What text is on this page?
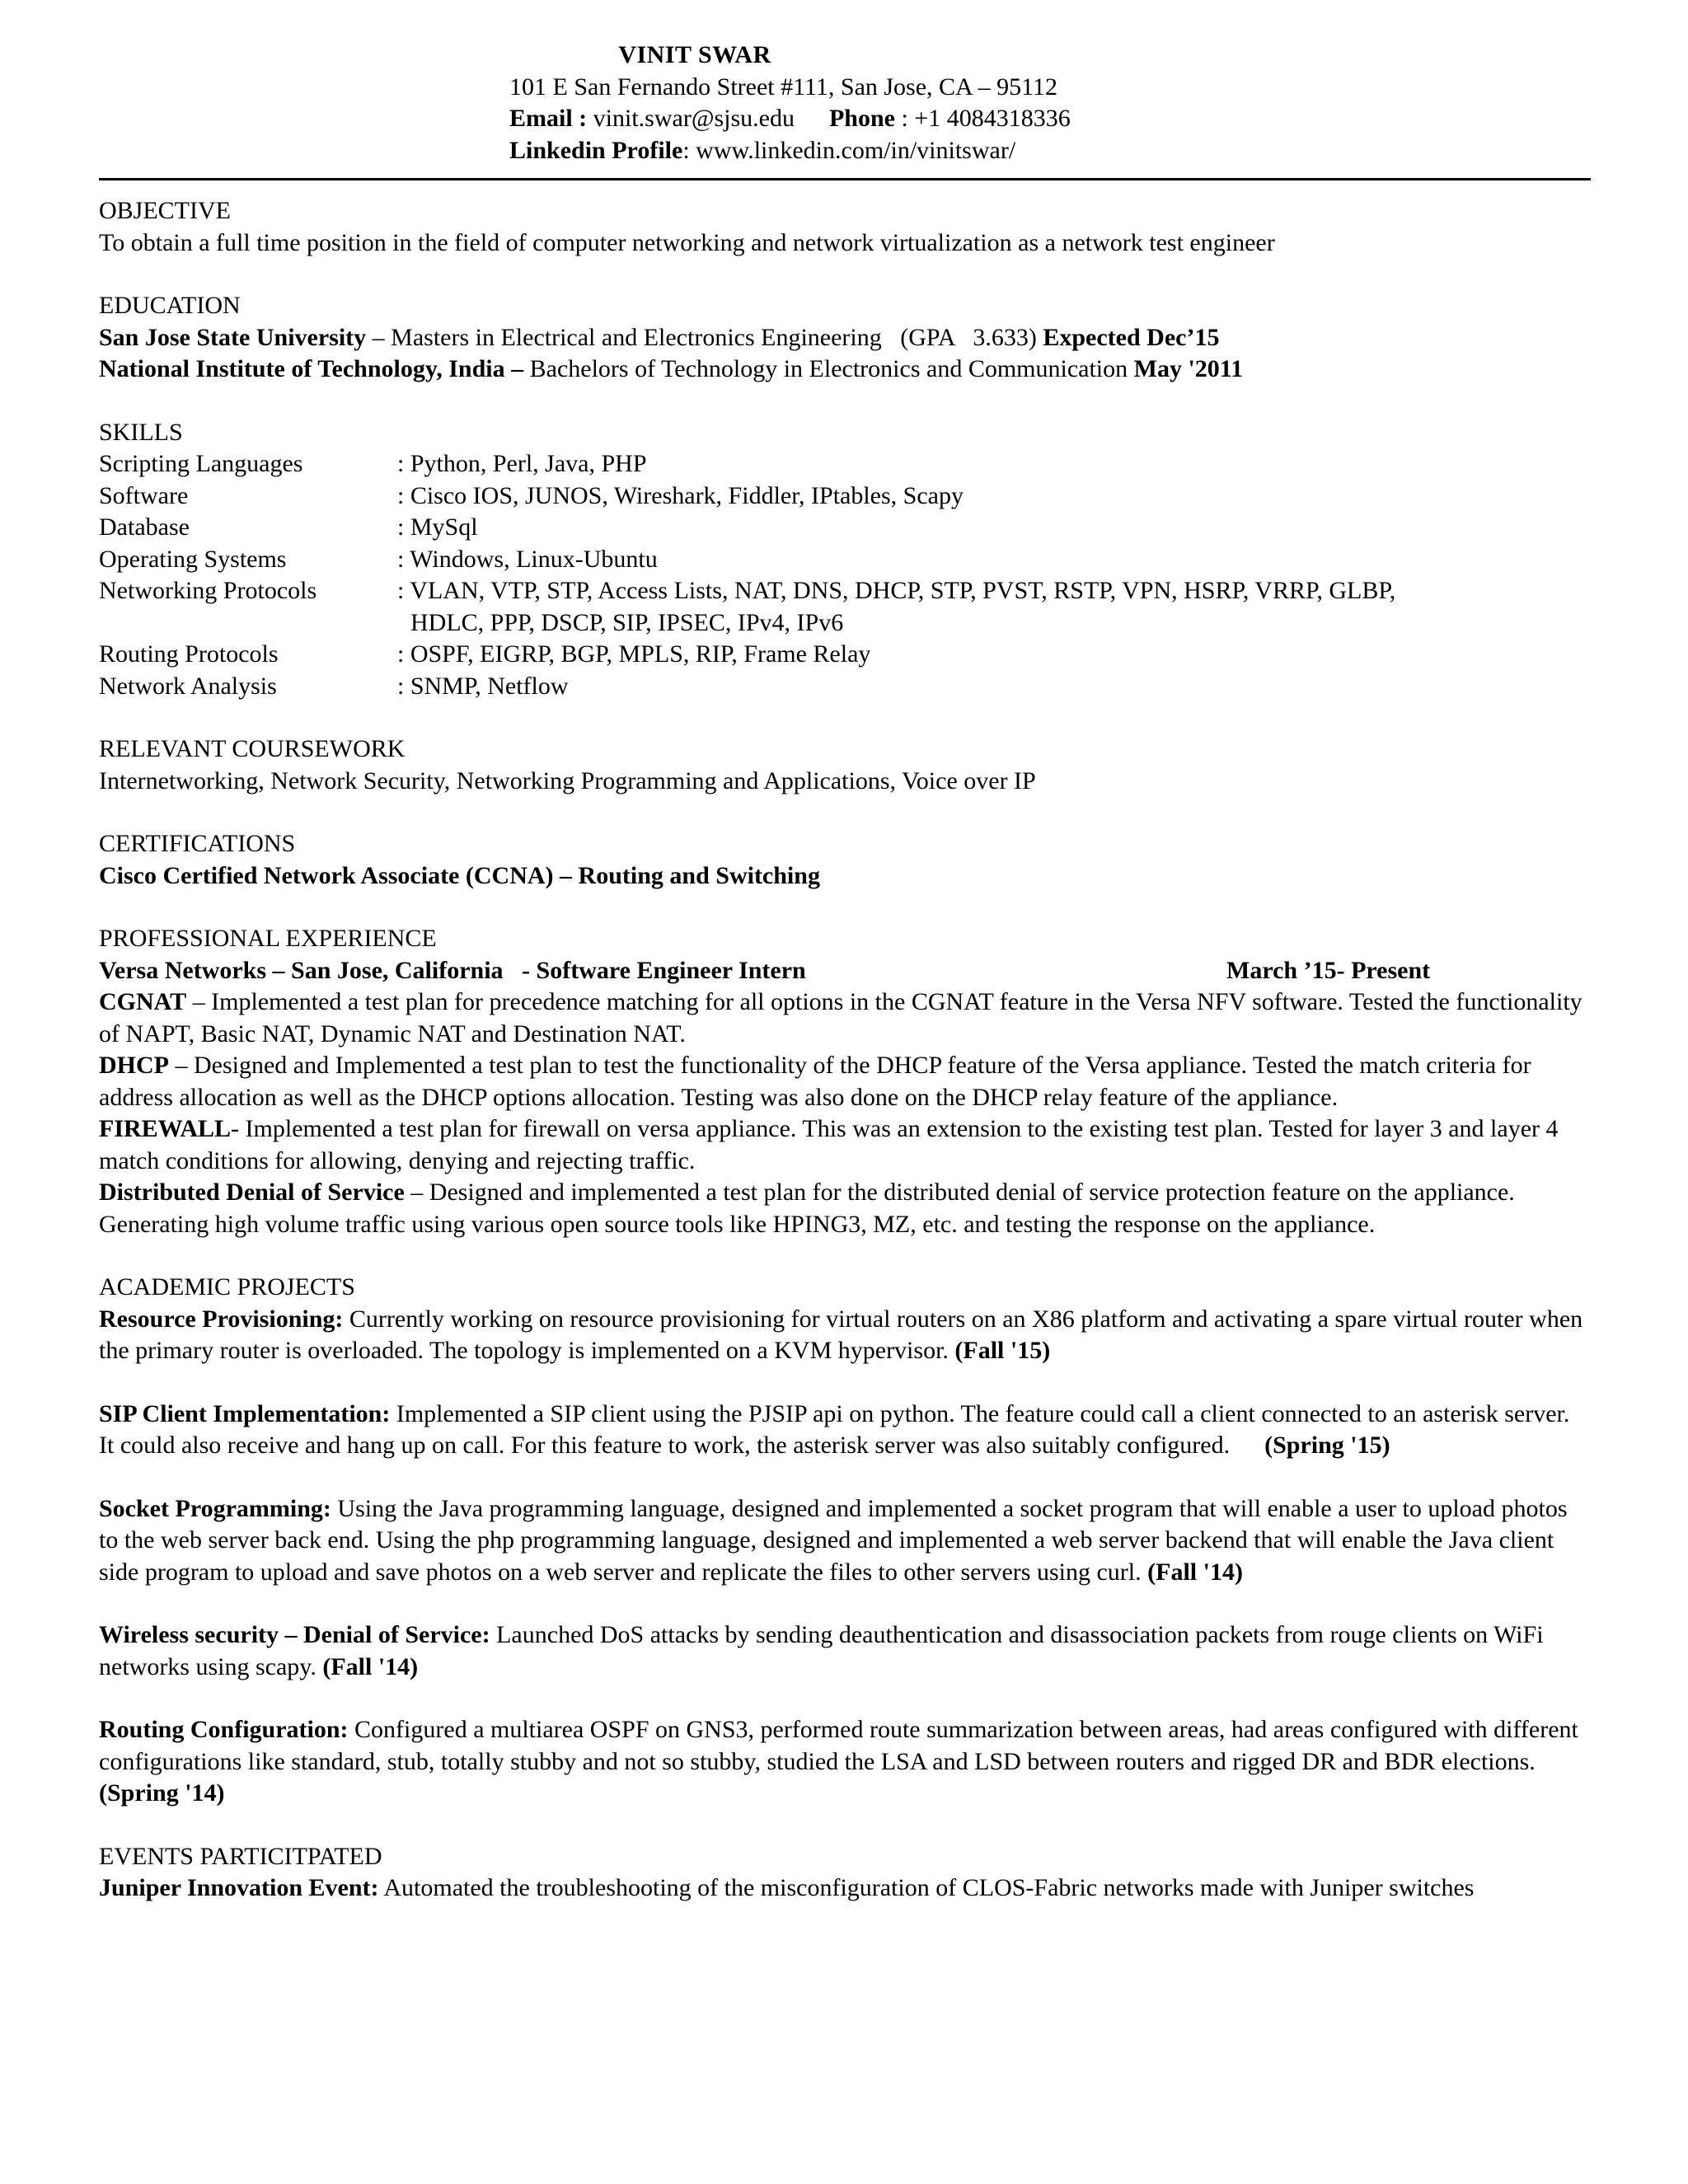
VINIT SWAR
101 E San Fernando Street #111, San Jose, CA – 95112
Email : vinit.swar@sjsu.edu Phone : +1 4084318336
Linkedin Profile: www.linkedin.com/in/vinitswar/
OBJECTIVE
To obtain a full time position in the field of computer networking and network virtualization as a network test engineer
EDUCATION
San Jose State University – Masters in Electrical and Electronics Engineering   (GPA   3.633) Expected Dec’15
National Institute of Technology, India – Bachelors of Technology in Electronics and Communication May '2011
SKILLS
Scripting Languages	: Python, Perl, Java, PHP
Software	: Cisco IOS, JUNOS, Wireshark, Fiddler, IPtables, Scapy
Database	: MySql
Operating Systems	: Windows, Linux-Ubuntu
Networking Protocols	: VLAN, VTP, STP, Access Lists, NAT, DNS, DHCP, STP, PVST, RSTP, VPN, HSRP, VRRP, GLBP,
HDLC, PPP, DSCP, SIP, IPSEC, IPv4, IPv6
Routing Protocols	: OSPF, EIGRP, BGP, MPLS, RIP, Frame Relay
Network Analysis	: SNMP, Netflow
RELEVANT COURSEWORK
Internetworking, Network Security, Networking Programming and Applications, Voice over IP
CERTIFICATIONS
Cisco Certified Network Associate (CCNA) – Routing and Switching
PROFESSIONAL EXPERIENCE
Versa Networks – San Jose, California   - Software Engineer Intern	March ’15- Present
CGNAT – Implemented a test plan for precedence matching for all options in the CGNAT feature in the Versa NFV software. Tested the functionality of NAPT, Basic NAT, Dynamic NAT and Destination NAT.
DHCP – Designed and Implemented a test plan to test the functionality of the DHCP feature of the Versa appliance. Tested the match criteria for address allocation as well as the DHCP options allocation. Testing was also done on the DHCP relay feature of the appliance.
FIREWALL- Implemented a test plan for firewall on versa appliance. This was an extension to the existing test plan. Tested for layer 3 and layer 4 match conditions for allowing, denying and rejecting traffic.
Distributed Denial of Service – Designed and implemented a test plan for the distributed denial of service protection feature on the appliance. Generating high volume traffic using various open source tools like HPING3, MZ, etc. and testing the response on the appliance.
ACADEMIC PROJECTS
Resource Provisioning: Currently working on resource provisioning for virtual routers on an X86 platform and activating a spare virtual router when the primary router is overloaded. The topology is implemented on a KVM hypervisor. (Fall '15)
SIP Client Implementation: Implemented a SIP client using the PJSIP api on python. The feature could call a client connected to an asterisk server. It could also receive and hang up on call. For this feature to work, the asterisk server was also suitably configured. (Spring '15)
Socket Programming: Using the Java programming language, designed and implemented a socket program that will enable a user to upload photos to the web server back end. Using the php programming language, designed and implemented a web server backend that will enable the Java client side program to upload and save photos on a web server and replicate the files to other servers using curl. (Fall '14)
Wireless security – Denial of Service: Launched DoS attacks by sending deauthentication and disassociation packets from rouge clients on WiFi networks using scapy. (Fall '14)
Routing Configuration: Configured a multiarea OSPF on GNS3, performed route summarization between areas, had areas configured with different configurations like standard, stub, totally stubby and not so stubby, studied the LSA and LSD between routers and rigged DR and BDR elections. (Spring '14)
EVENTS PARTICITPATED
Juniper Innovation Event: Automated the troubleshooting of the misconfiguration of CLOS-Fabric networks made with Juniper switches
